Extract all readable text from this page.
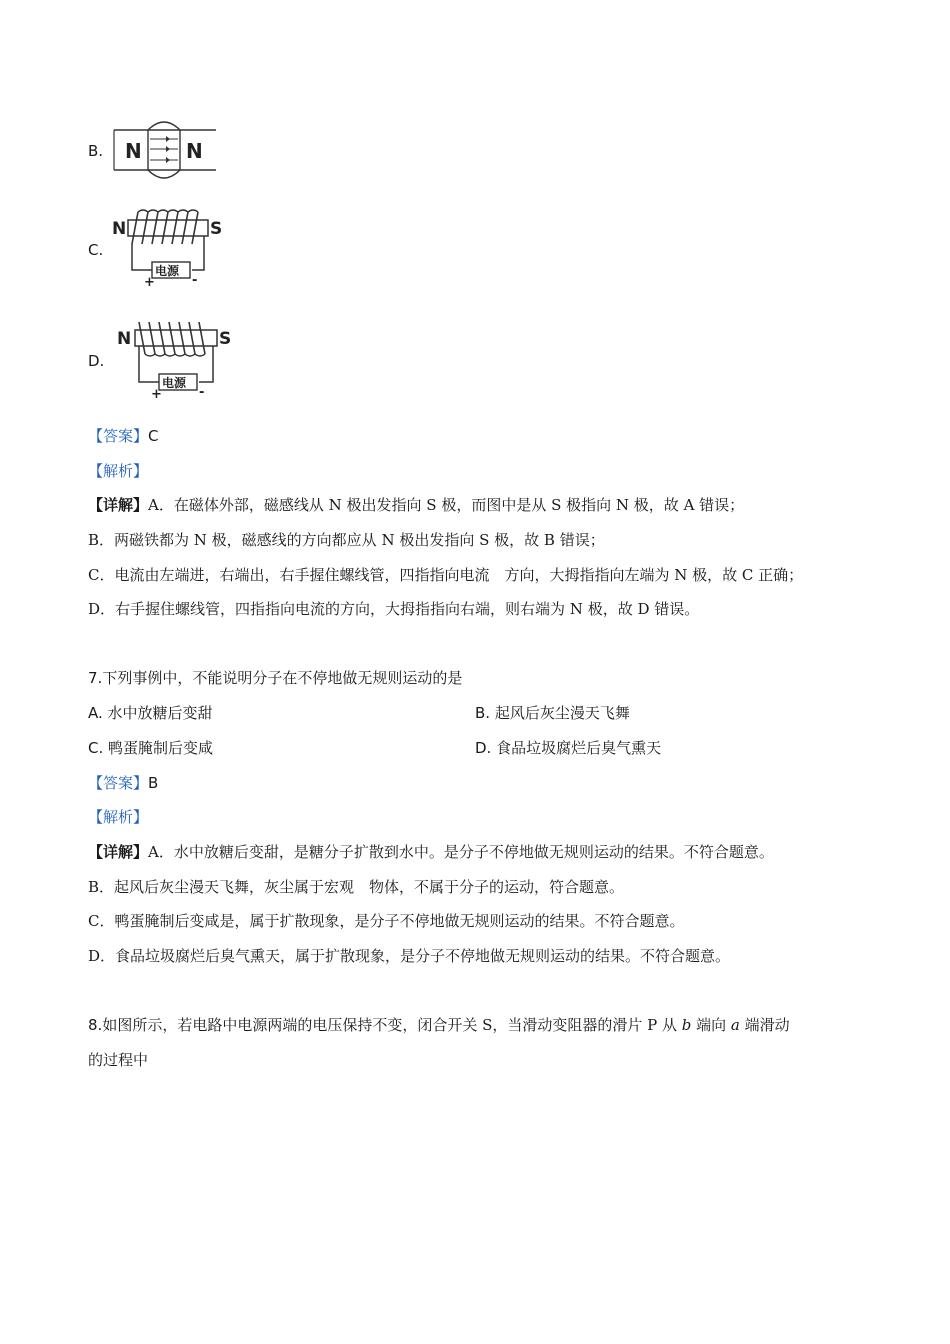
B. N N
C.
N	S
电源
+	-
D.
N	S
电源
+	-
【答案】C
【解析】
【详解】A．在磁体外部，磁感线从 N 极出发指向 S 极，而图中是从 S 极指向 N 极，故 A 错误；
B．两磁铁都为 N 极，磁感线的方向都应从 N 极出发指向 S 极，故 B 错误；
C．电流由左端进，右端出，右手握住螺线管，四指指向电流　方向，大拇指指向左端为 N 极，故 C 正确；
D．右手握住螺线管，四指指向电流的方向，大拇指指向右端，则右端为 N 极，故 D 错误。
7.下列事例中，不能说明分子在不停地做无规则运动的是
A. 水中放糖后变甜	B. 起风后灰尘漫天飞舞
C. 鸭蛋腌制后变咸	D. 食品垃圾腐烂后臭气熏天
【答案】B
【解析】
【详解】A．水中放糖后变甜，是糖分子扩散到水中。是分子不停地做无规则运动的结果。不符合题意。
B．起风后灰尘漫天飞舞，灰尘属于宏观　物体，不属于分子的运动，符合题意。
C．鸭蛋腌制后变咸是，属于扩散现象，是分子不停地做无规则运动的结果。不符合题意。
D．食品垃圾腐烂后臭气熏天，属于扩散现象，是分子不停地做无规则运动的结果。不符合题意。
8.如图所示，若电路中电源两端的电压保持不变，闭合开关 S，当滑动变阻器的滑片 P 从 b 端向 a 端滑动
的过程中
